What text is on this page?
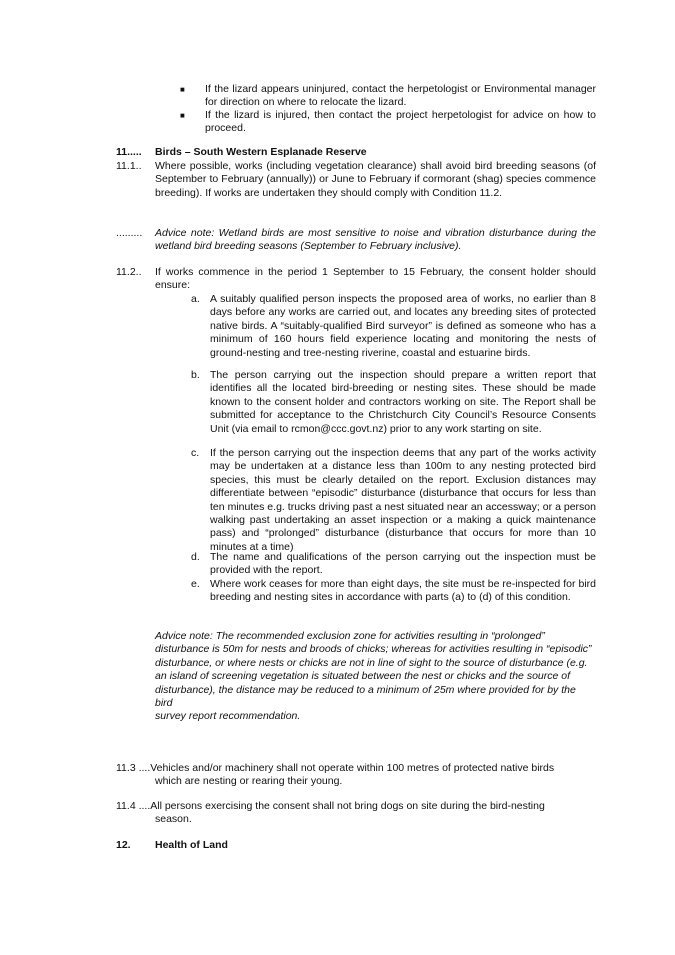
■	If the lizard appears uninjured, contact the herpetologist or Environmental manager for direction on where to relocate the lizard.
■	If the lizard is injured, then contact the project herpetologist for advice on how to proceed.
11..... Birds – South Western Esplanade Reserve
11.1.. Where possible, works (including vegetation clearance) shall avoid bird breeding seasons (of September to February (annually)) or June to February if cormorant (shag) species commence breeding). If works are undertaken they should comply with Condition 11.2.
......... Advice note: Wetland birds are most sensitive to noise and vibration disturbance during the wetland bird breeding seasons (September to February inclusive).
11.2.. If works commence in the period 1 September to 15 February, the consent holder should ensure:
a. A suitably qualified person inspects the proposed area of works, no earlier than 8 days before any works are carried out, and locates any breeding sites of protected native birds. A “suitably-qualified Bird surveyor” is defined as someone who has a minimum of 160 hours field experience locating and monitoring the nests of ground-nesting and tree-nesting riverine, coastal and estuarine birds.
b. The person carrying out the inspection should prepare a written report that identifies all the located bird-breeding or nesting sites. These should be made known to the consent holder and contractors working on site. The Report shall be submitted for acceptance to the Christchurch City Council’s Resource Consents Unit (via email to rcmon@ccc.govt.nz) prior to any work starting on site.
c. If the person carrying out the inspection deems that any part of the works activity may be undertaken at a distance less than 100m to any nesting protected bird species, this must be clearly detailed on the report. Exclusion distances may differentiate between “episodic” disturbance (disturbance that occurs for less than ten minutes e.g. trucks driving past a nest situated near an accessway; or a person walking past undertaking an asset inspection or a making a quick maintenance pass) and “prolonged” disturbance (disturbance that occurs for more than 10 minutes at a time)
d. The name and qualifications of the person carrying out the inspection must be provided with the report.
e. Where work ceases for more than eight days, the site must be re-inspected for bird breeding and nesting sites in accordance with parts (a) to (d) of this condition.
Advice note: The recommended exclusion zone for activities resulting in “prolonged”
disturbance is 50m for nests and broods of chicks; whereas for activities resulting in “episodic”
disturbance, or where nests or chicks are not in line of sight to the source of disturbance (e.g.
an island of screening vegetation is situated between the nest or chicks and the source of disturbance), the distance may be reduced to a minimum of 25m where provided for by the bird
survey report recommendation.
11.3 ....Vehicles and/or machinery shall not operate within 100 metres of protected native birds
which are nesting or rearing their young.
11.4 ....All persons exercising the consent shall not bring dogs on site during the bird-nesting
season.
12. Health of Land
